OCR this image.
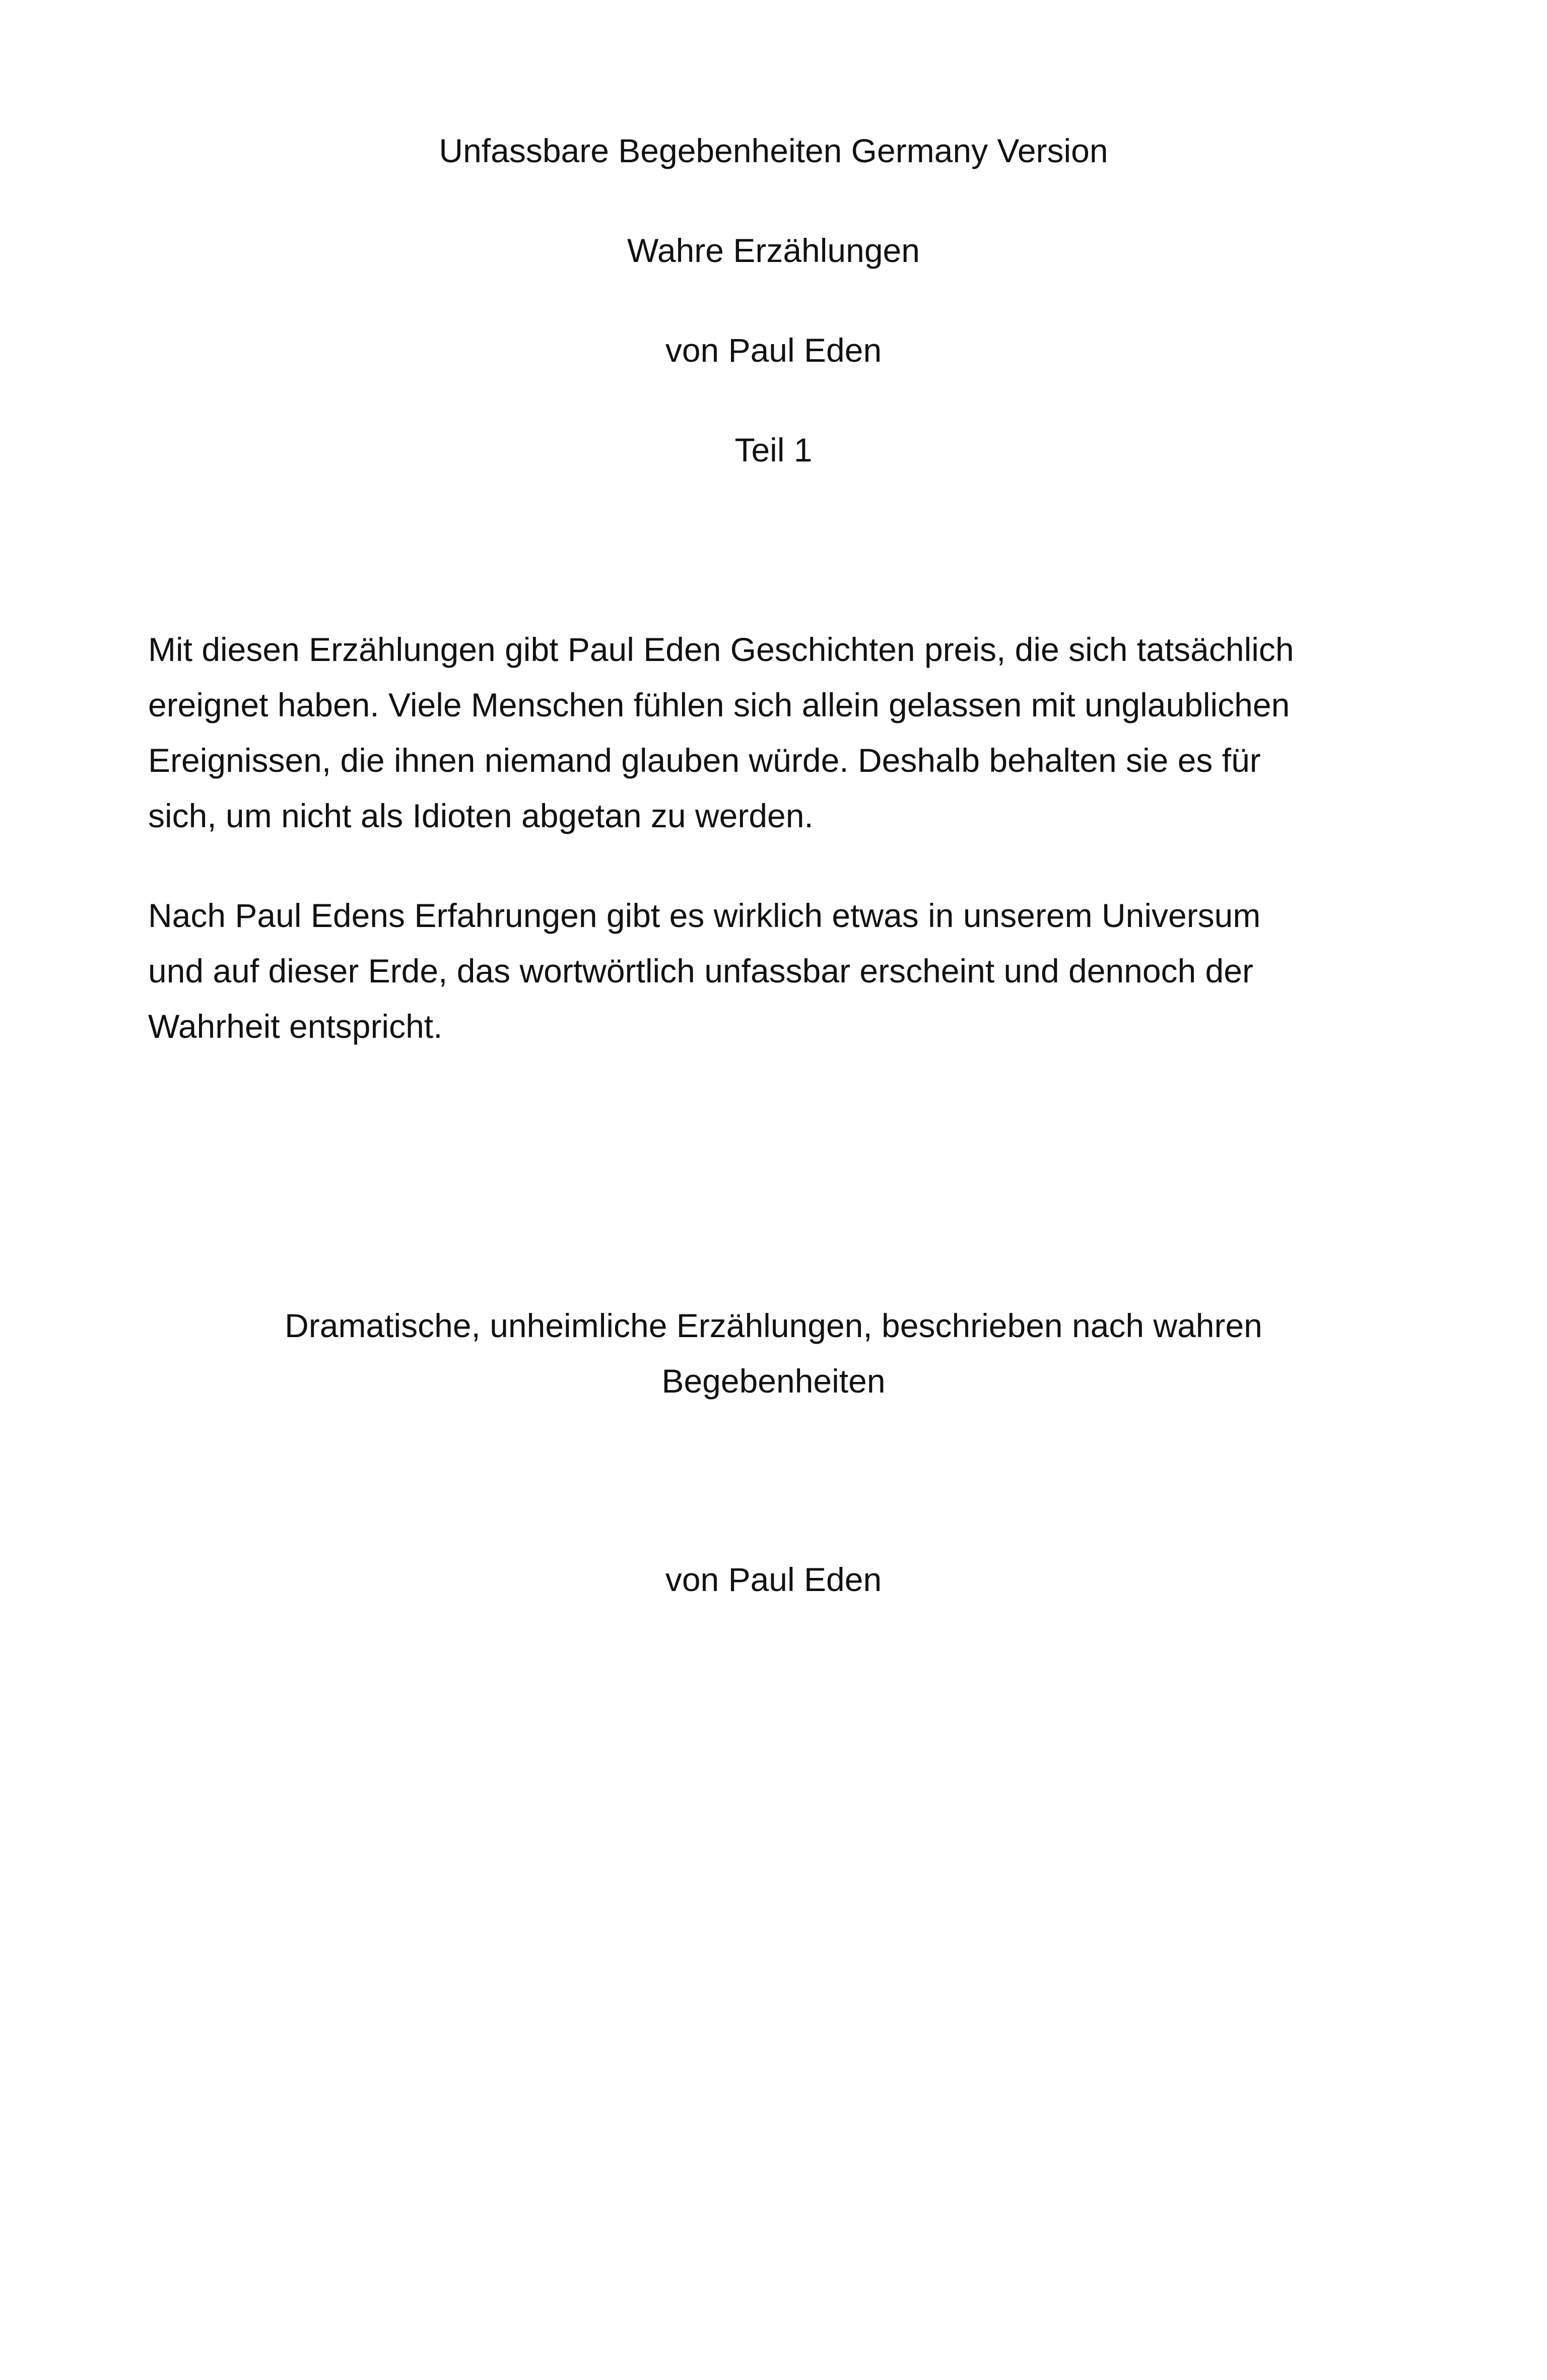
Unfassbare Begebenheiten Germany Version
Wahre Erzählungen
von Paul Eden
Teil 1
Mit diesen Erzählungen gibt Paul Eden Geschichten preis, die sich tatsächlich
ereignet haben. Viele Menschen fühlen sich allein gelassen mit unglaublichen
Ereignissen, die ihnen niemand glauben würde. Deshalb behalten sie es für
sich, um nicht als Idioten abgetan zu werden.
Nach Paul Edens Erfahrungen gibt es wirklich etwas in unserem Universum
und auf dieser Erde, das wortwörtlich unfassbar erscheint und dennoch der
Wahrheit entspricht.
Dramatische, unheimliche Erzählungen, beschrieben nach wahren
Begebenheiten
von Paul Eden
